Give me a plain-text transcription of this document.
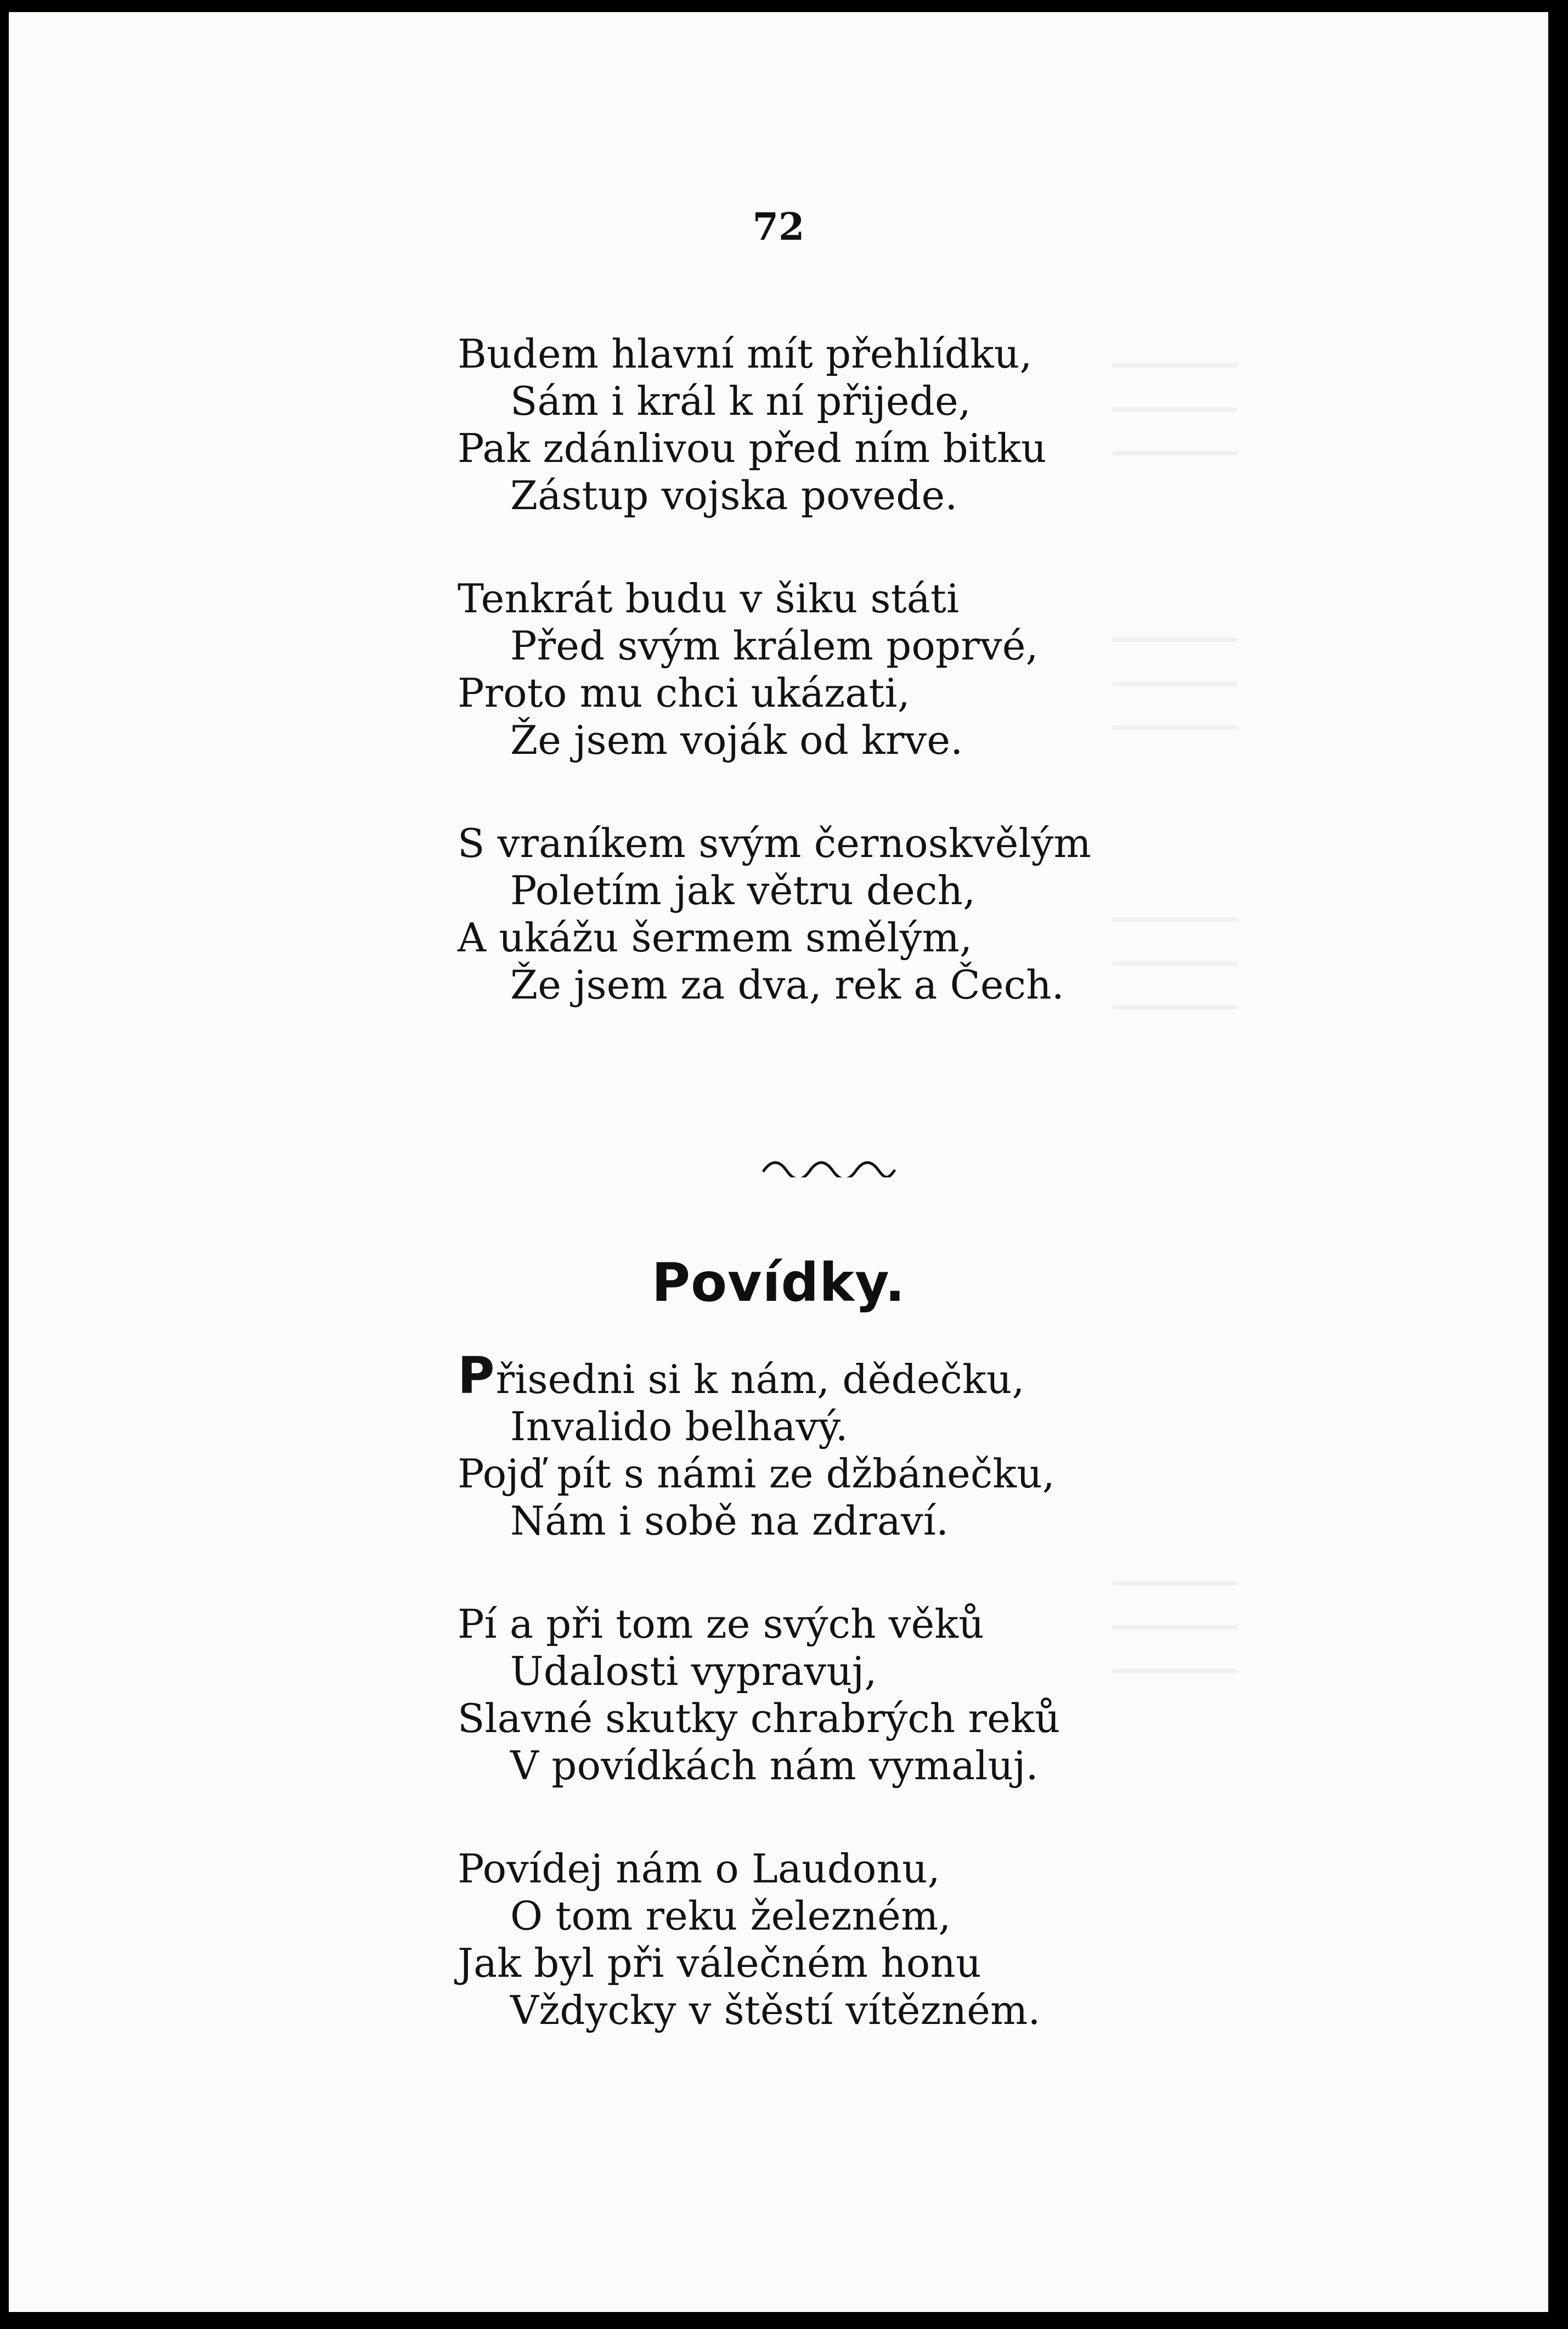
72
Budem hlavní mít přehlídku,
Sám i král k ní přijede,
Pak zdánlivou před ním bitku
Zástup vojska povede.
Tenkrát budu v šiku státi
Před svým králem poprvé,
Proto mu chci ukázati,
Že jsem voják od krve.
S vraníkem svým černoskvělým
Poletím jak větru dech,
A ukážu šermem smělým,
Že jsem za dva, rek a Čech.
Povídky.
Přisedni si k nám, dědečku,
Invalido belhavý.
Pojď pít s námi ze džbánečku,
Nám i sobě na zdraví.
Pí a při tom ze svých věků
Udalosti vypravuj,
Slavné skutky chrabrých reků
V povídkách nám vymaluj.
Povídej nám o Laudonu,
O tom reku železném,
Jak byl při válečném honu
Vždycky v štěstí vítězném.
